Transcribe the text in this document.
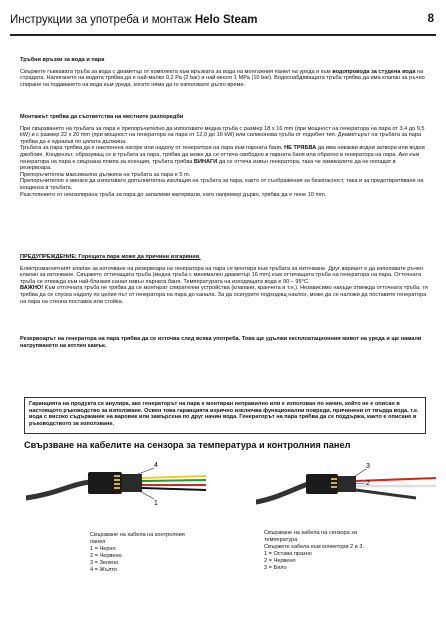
Инструкции за употреба и монтаж Helo Steam	8
Тръбни връзки за вода и пара
Свържете гъвкавата тръба за вода с диаметър от комплекта към връзката за вода на монтажния панел на уреда и към водопровода за студена вода на страдата. Налягането на водата трябва да е най-малко 0,2 Ра (2 bar) и най-много 1 МРа (10 bar). Водоснабдяващата тръба трябва да има клапан за ръчно спиране на подаването на вода към уреда, когато няма да го използвате дълго време.
Монтажът трябва да съответства на местните разпоредби
При свързването на тръбата за пара е препоръчително да използвате медна тръба с размер 18 х 16 mm (при мощност на генератора на пара от 3,4 до 9,5 kW) и с размер 22 х 20 mm (при мощност на генератора на пара от 12,0 до 16 kW) или силиконова тръба от подобен тип. Диаметърът на тръбата за пара трябва да е еднакъв по цялата дължина.
Тръбата за пара трябва да е наклонена нагоре или надолу от генератора на пара към парната баня, НЕ ТРЯБВА да има никакви водни затвори или водни джобове. Кондензът, образуващ се в тръбата за пара, трябва да може да се оттича свободно в парната баня или обратно в генератора на пара. Ако към генератора на пара е свързана помпа за есенция, тръбата трябва ВИНАГИ да се оттича извън генератора, така че химикалите да не попадат в резервоара.
Препоръчителна максимална дължина на тръбата за пара е 5 m.
Препоръчително е винаги да използвате допълнителна изолация на тръбата за пара, както от съображения за безопасност, така и за предотвратяване на кондензa в тръбата.
Разстоянието от неизолирана тръба за пара до запалими материали, като например дърво, трябва да е поне 10 mm.
ПРЕДУПРЕЖДЕНИЕ: Горещата пара може да причини изгаряния.
Електромагнитният клапан за източване на резервоара на генератора на пара се монтира към тръбата за източване. Друг вариант е да използвате ръчен клапан за източване. Свържете оттичащата тръба (медна тръба с минимален диаметър 16 mm) към оттичащата тръба на генератора на пара. Отточната тръба се отвежда към най-близкия канал извън парната баня. Температурата на изходящата вода е 90 – 95°C.
ВАЖНО! Към отточната тръба не трябва да се монтират спирателни устройства (клапани, кранчета и т.н.). Независимо накъде отвежда отточната тръба, тя трябва да се спуска надолу по целия път от генератора на пара до канала. За да осигурите подходящ наклон, може да се наложи да поставите генератора на пара на стенна поставка или стойка.
Резервоарът на генератора на пара трябва да се източва след всяка употреба. Това ще удължи експлоатационния живот на уреда и ще намали натрупването на котлен камък.
Гаранцията на продукта се анулира, ако генераторът на пара е монтиран неправилно или е използван по начин, който не е описан в настоящото ръководство за използване. Освен това гаранцията изрично изключва функционални повреди, причинени от твърда вода, т.е. вода с високо съдържание на варовик или замърсена по друг начин вода. Генераторът на пара трябва да се поддържа, както е описано в ръководството за използване.
Свързване на кабелите на сензора за температура и контролния панел
4
1
3
2
Свързване на кабела на контролния
панел
1 = Черно
2 = Червено
3 = Зелено
4 = Жълто
Свързване на кабела на сензора за
температура
Свържете кабела към конектори 2 и 3.
1 = Остава празно
2 = Червено
3 = Бяло
